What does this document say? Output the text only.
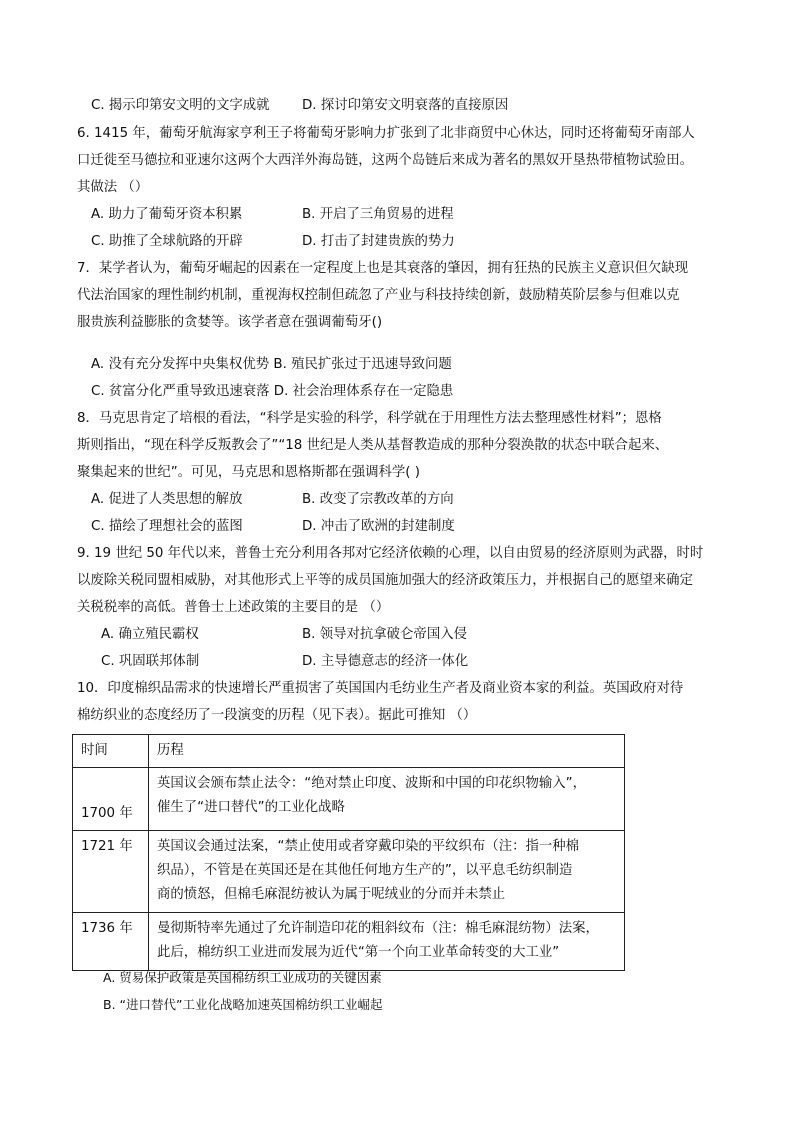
C. 揭示印第安文明的文字成就 D. 探讨印第安文明衰落的直接原因
6. 1415 年，葡萄牙航海家亨利王子将葡萄牙影响力扩张到了北非商贸中心休达，同时还将葡萄牙南部人
口迁徙至马德拉和亚速尔这两个大西洋外海岛链，这两个岛链后来成为著名的黑奴开垦热带植物试验田。
其做法 （）
A. 助力了葡萄牙资本积累	B. 开启了三角贸易的进程
C. 助推了全球航路的开辟	D. 打击了封建贵族的势力
7．某学者认为，葡萄牙崛起的因素在一定程度上也是其衰落的肇因，拥有狂热的民族主义意识但欠缺现
代法治国家的理性制约机制，重视海权控制但疏忽了产业与科技持续创新，鼓励精英阶层参与但难以克
服贵族利益膨胀的贪婪等。该学者意在强调葡萄牙()
A. 没有充分发挥中央集权优势 B. 殖民扩张过于迅速导致问题
C. 贫富分化严重导致迅速衰落 D. 社会治理体系存在一定隐患
8．马克思肯定了培根的看法，“科学是实验的科学，科学就在于用理性方法去整理感性材料”；恩格
斯则指出，“现在科学反叛教会了”“18 世纪是人类从基督教造成的那种分裂涣散的状态中联合起来、
聚集起来的世纪”。可见，马克思和恩格斯都在强调科学( )
A. 促进了人类思想的解放	B. 改变了宗教改革的方向
C. 描绘了理想社会的蓝图	D. 冲击了欧洲的封建制度
9. 19 世纪 50 年代以来，普鲁士充分利用各邦对它经济依赖的心理，以自由贸易的经济原则为武器，时时
以废除关税同盟相威胁，对其他形式上平等的成员国施加强大的经济政策压力，并根据自己的愿望来确定
关税税率的高低。普鲁士上述政策的主要目的是 （）
A. 确立殖民霸权	B. 领导对抗拿破仑帝国入侵
C. 巩固联邦体制	D. 主导德意志的经济一体化
10．印度棉织品需求的快速增长严重损害了英国国内毛纺业生产者及商业资本家的利益。英国政府对待
棉纺织业的态度经历了一段演变的历程（见下表）。据此可推知 （）
时间	历程
1700 年	英国议会颁布禁止法令：“绝对禁止印度、波斯和中国的印花织物输入”，
催生了“进口替代”的工业化战略

1721 年	英国议会通过法案，“禁止使用或者穿戴印染的平纹织布（注：指一种棉
织品），不管是在英国还是在其他任何地方生产的”，以平息毛纺织制造
商的愤怒，但棉毛麻混纺被认为属于呢绒业的分而并未禁止

1736 年	曼彻斯特率先通过了允许制造印花的粗斜纹布（注：棉毛麻混纺物）法案，
此后，棉纺织工业进而发展为近代“第一个向工业革命转变的大工业”
A. 贸易保护政策是英国棉纺织工业成功的关键因素
B. “进口替代”工业化战略加速英国棉纺织工业崛起
